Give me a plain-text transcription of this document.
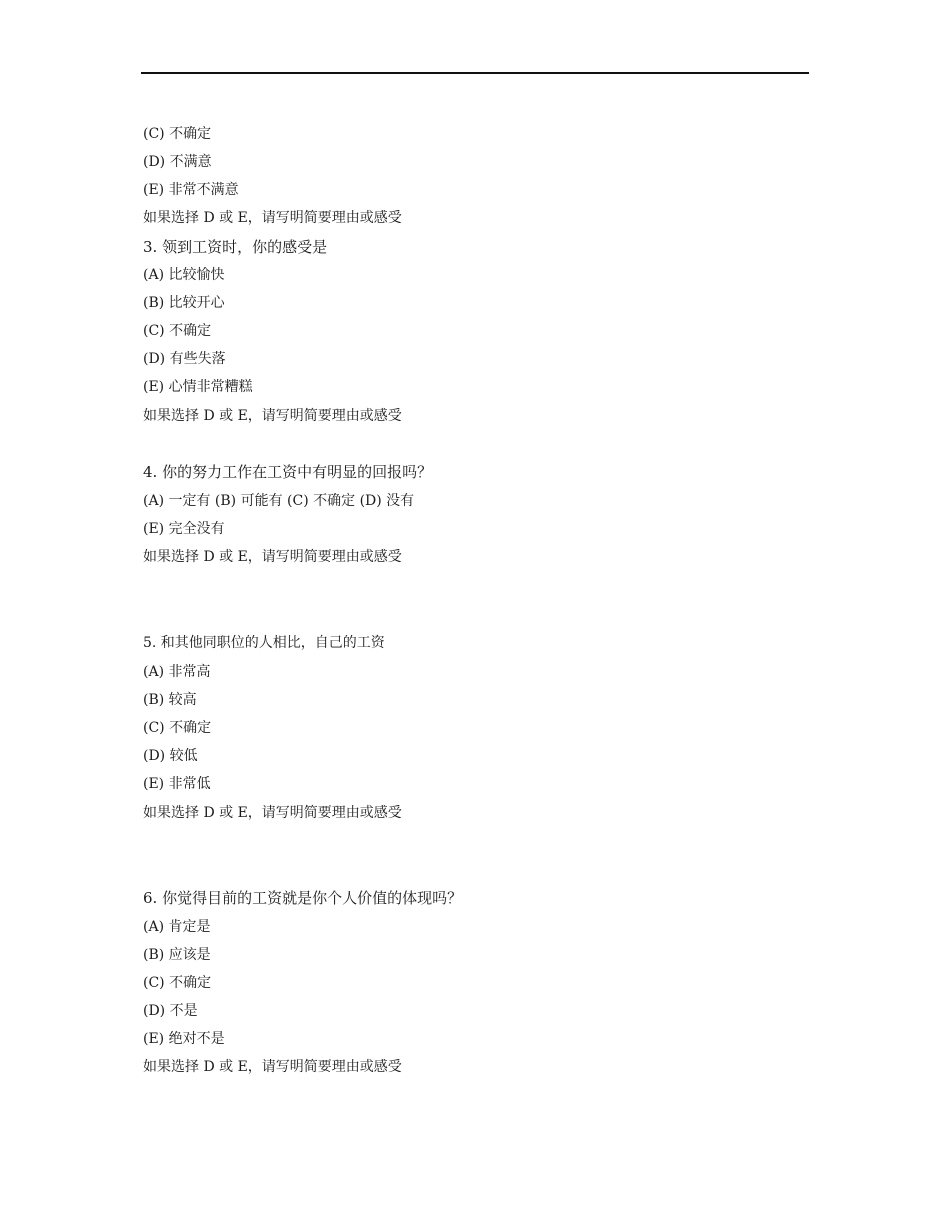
(C) 不确定
(D) 不满意
(E) 非常不满意
如果选择 D 或 E，请写明简要理由或感受
3. 领到工资时，你的感受是
(A) 比较愉快
(B) 比较开心
(C) 不确定
(D) 有些失落
(E) 心情非常糟糕
如果选择 D 或 E，请写明简要理由或感受
4. 你的努力工作在工资中有明显的回报吗？
(A) 一定有 (B) 可能有 (C) 不确定 (D) 没有
(E) 完全没有
如果选择 D 或 E，请写明简要理由或感受
5. 和其他同职位的人相比，自己的工资
(A) 非常高
(B) 较高
(C) 不确定
(D) 较低
(E) 非常低
如果选择 D 或 E，请写明简要理由或感受
6. 你觉得目前的工资就是你个人价值的体现吗？
(A) 肯定是
(B) 应该是
(C) 不确定
(D) 不是
(E) 绝对不是
如果选择 D 或 E，请写明简要理由或感受
